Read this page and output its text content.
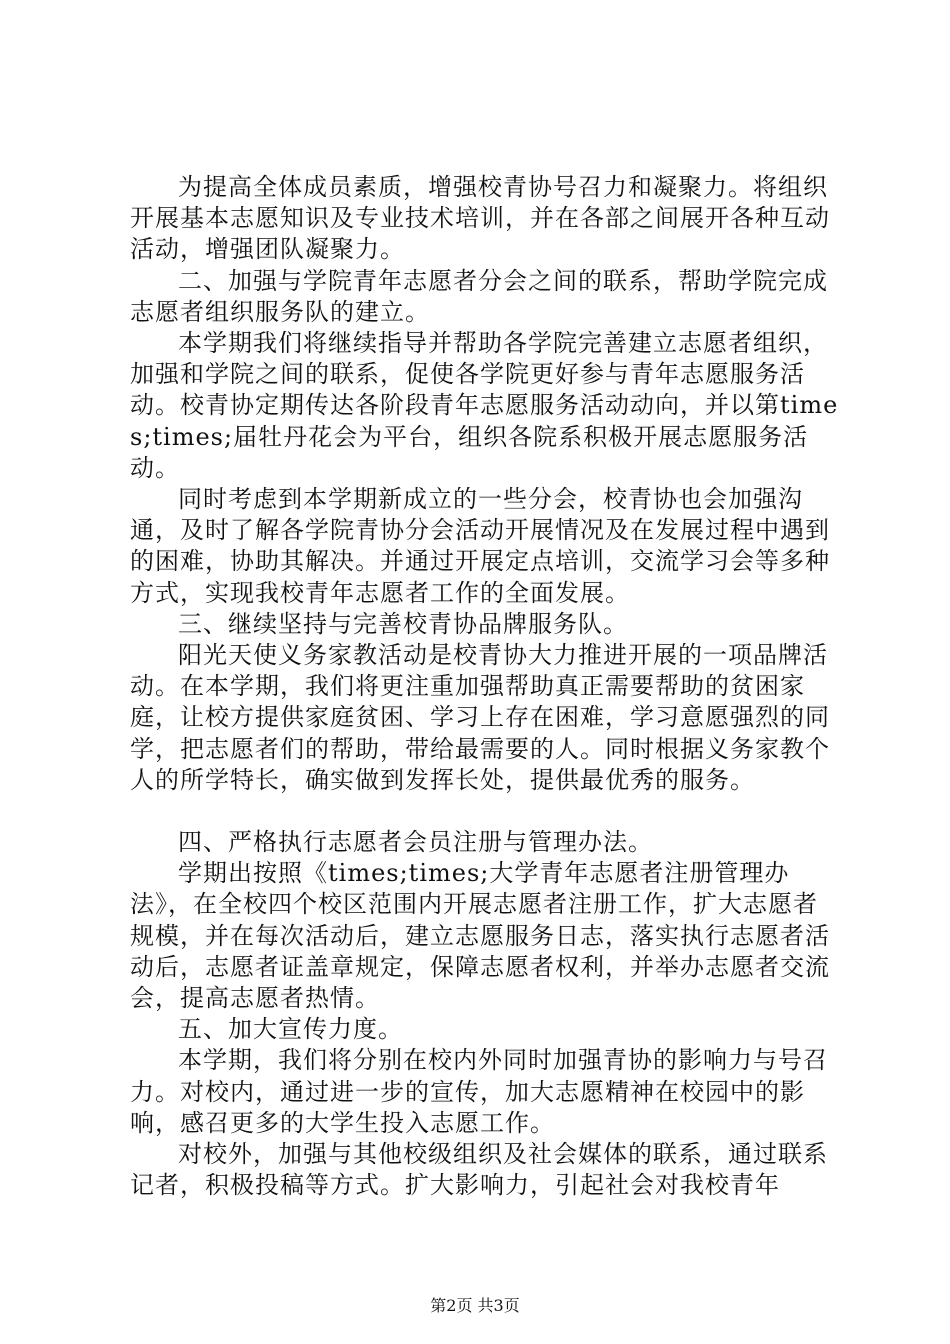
为提高全体成员素质，增强校青协号召力和凝聚力。将组织开展基本志愿知识及专业技术培训，并在各部之间展开各种互动活动，增强团队凝聚力。

二、加强与学院青年志愿者分会之间的联系，帮助学院完成志愿者组织服务队的建立。

本学期我们将继续指导并帮助各学院完善建立志愿者组织，加强和学院之间的联系，促使各学院更好参与青年志愿服务活动。校青协定期传达各阶段青年志愿服务活动动向，并以第times;times;届牡丹花会为平台，组织各院系积极开展志愿服务活动。

同时考虑到本学期新成立的一些分会，校青协也会加强沟通，及时了解各学院青协分会活动开展情况及在发展过程中遇到的困难，协助其解决。并通过开展定点培训，交流学习会等多种方式，实现我校青年志愿者工作的全面发展。

三、继续坚持与完善校青协品牌服务队。

阳光天使义务家教活动是校青协大力推进开展的一项品牌活动。在本学期，我们将更注重加强帮助真正需要帮助的贫困家庭，让校方提供家庭贫困、学习上存在困难，学习意愿强烈的同学，把志愿者们的帮助，带给最需要的人。同时根据义务家教个人的所学特长，确实做到发挥长处，提供最优秀的服务。

四、严格执行志愿者会员注册与管理办法。

学期出按照《times;times;大学青年志愿者注册管理办法》，在全校四个校区范围内开展志愿者注册工作，扩大志愿者规模，并在每次活动后，建立志愿服务日志，落实执行志愿者活动后，志愿者证盖章规定，保障志愿者权利，并举办志愿者交流会，提高志愿者热情。

五、加大宣传力度。

本学期，我们将分别在校内外同时加强青协的影响力与号召力。对校内，通过进一步的宣传，加大志愿精神在校园中的影响，感召更多的大学生投入志愿工作。

对校外，加强与其他校级组织及社会媒体的联系，通过联系记者，积极投稿等方式。扩大影响力，引起社会对我校青年

第2页 共3页
